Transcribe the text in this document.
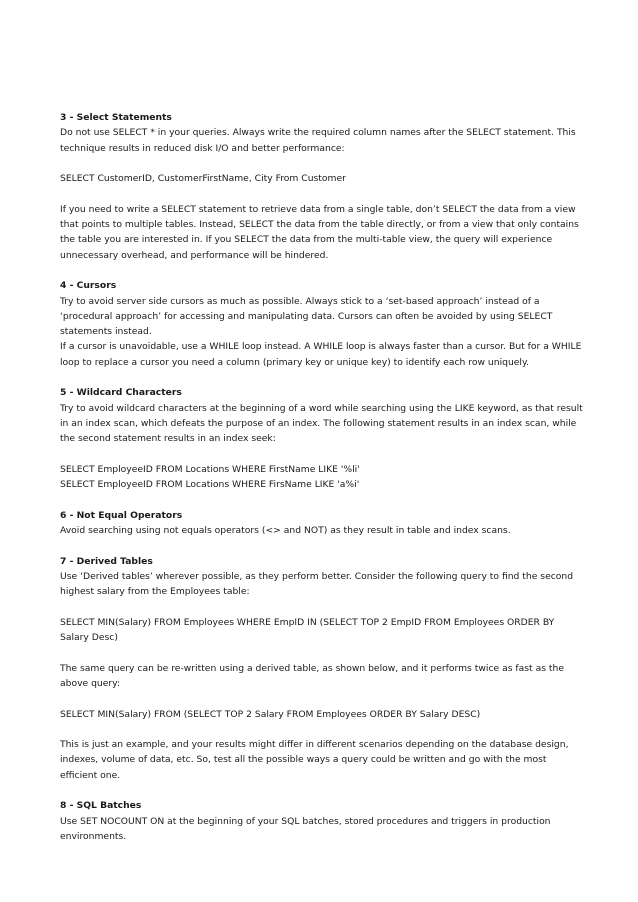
3 - Select Statements
Do not use SELECT * in your queries. Always write the required column names after the SELECT statement. This technique results in reduced disk I/O and better performance:
SELECT CustomerID, CustomerFirstName, City From Customer
If you need to write a SELECT statement to retrieve data from a single table, don’t SELECT the data from a view that points to multiple tables. Instead, SELECT the data from the table directly, or from a view that only contains the table you are interested in. If you SELECT the data from the multi-table view, the query will experience unnecessary overhead, and performance will be hindered.
4 - Cursors
Try to avoid server side cursors as much as possible. Always stick to a ‘set-based approach’ instead of a ‘procedural approach’ for accessing and manipulating data. Cursors can often be avoided by using SELECT statements instead.
If a cursor is unavoidable, use a WHILE loop instead. A WHILE loop is always faster than a cursor. But for a WHILE loop to replace a cursor you need a column (primary key or unique key) to identify each row uniquely.
5 - Wildcard Characters
Try to avoid wildcard characters at the beginning of a word while searching using the LIKE keyword, as that result in an index scan, which defeats the purpose of an index. The following statement results in an index scan, while the second statement results in an index seek:
SELECT EmployeeID FROM Locations WHERE FirstName LIKE '%li'
SELECT EmployeeID FROM Locations WHERE FirsName LIKE 'a%i'
6 - Not Equal Operators
Avoid searching using not equals operators (<> and NOT) as they result in table and index scans.
7 - Derived Tables
Use ‘Derived tables’ wherever possible, as they perform better. Consider the following query to find the second highest salary from the Employees table:
SELECT MIN(Salary) FROM Employees WHERE EmpID IN (SELECT TOP 2 EmpID FROM Employees ORDER BY Salary Desc)
The same query can be re-written using a derived table, as shown below, and it performs twice as fast as the above query:
SELECT MIN(Salary) FROM (SELECT TOP 2 Salary FROM Employees ORDER BY Salary DESC)
This is just an example, and your results might differ in different scenarios depending on the database design, indexes, volume of data, etc. So, test all the possible ways a query could be written and go with the most efficient one.
8 - SQL Batches
Use SET NOCOUNT ON at the beginning of your SQL batches, stored procedures and triggers in production environments.
